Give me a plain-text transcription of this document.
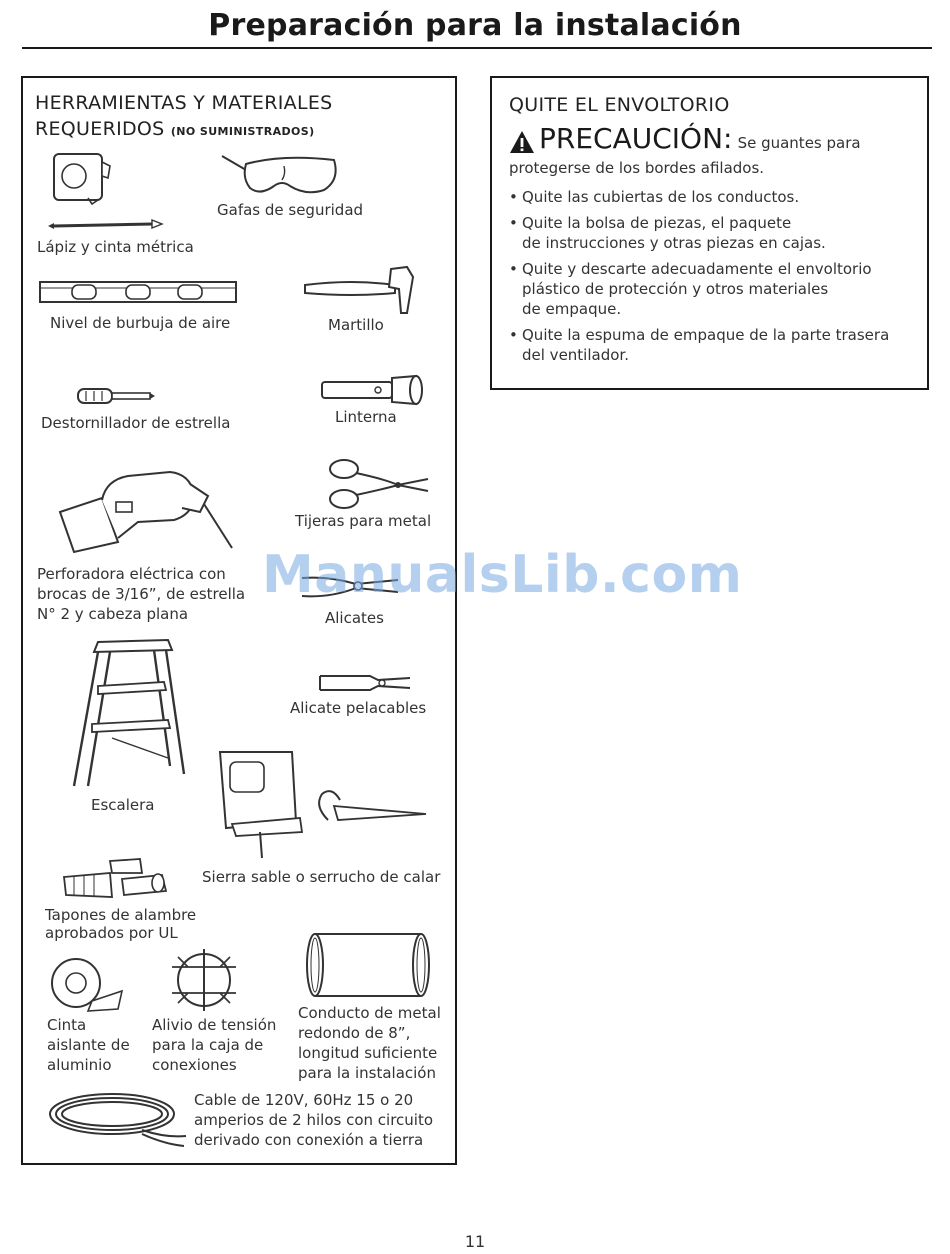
Preparación para la instalación
HERRAMIENTAS Y MATERIALES
REQUERIDOS (NO SUMINISTRADOS)
Lápiz y cinta métrica
Gafas de seguridad
Nivel de burbuja de aire	Martillo
Destornillador de estrella	Linterna
Tijeras para metal
Perforadora eléctrica con
brocas de 3/16”, de estrella
N° 2 y cabeza plana	Alicates
Alicate pelacables
Escalera
Sierra sable o serrucho de calar
Tapones de alambre
aprobados por UL
Cinta
aislante de
aluminio
Alivio de tensión
para la caja de
conexiones
Conducto de metal
redondo de 8”,
longitud suficiente
para la instalación
Cable de 120V, 60Hz 15 o 20
amperios de 2 hilos con circuito
derivado con conexión a tierra
QUITE EL ENVOLTORIO
PRECAUCIÓN: Se guantes para
protegerse de los bordes afilados.
• Quite las cubiertas de los conductos.
• Quite la bolsa de piezas, el paquete
de instrucciones y otras piezas en cajas.
• Quite y descarte adecuadamente el envoltorio
plástico de protección y otros materiales
de empaque.
• Quite la espuma de empaque de la parte trasera
del ventilador.
ManualsLib.com
11
